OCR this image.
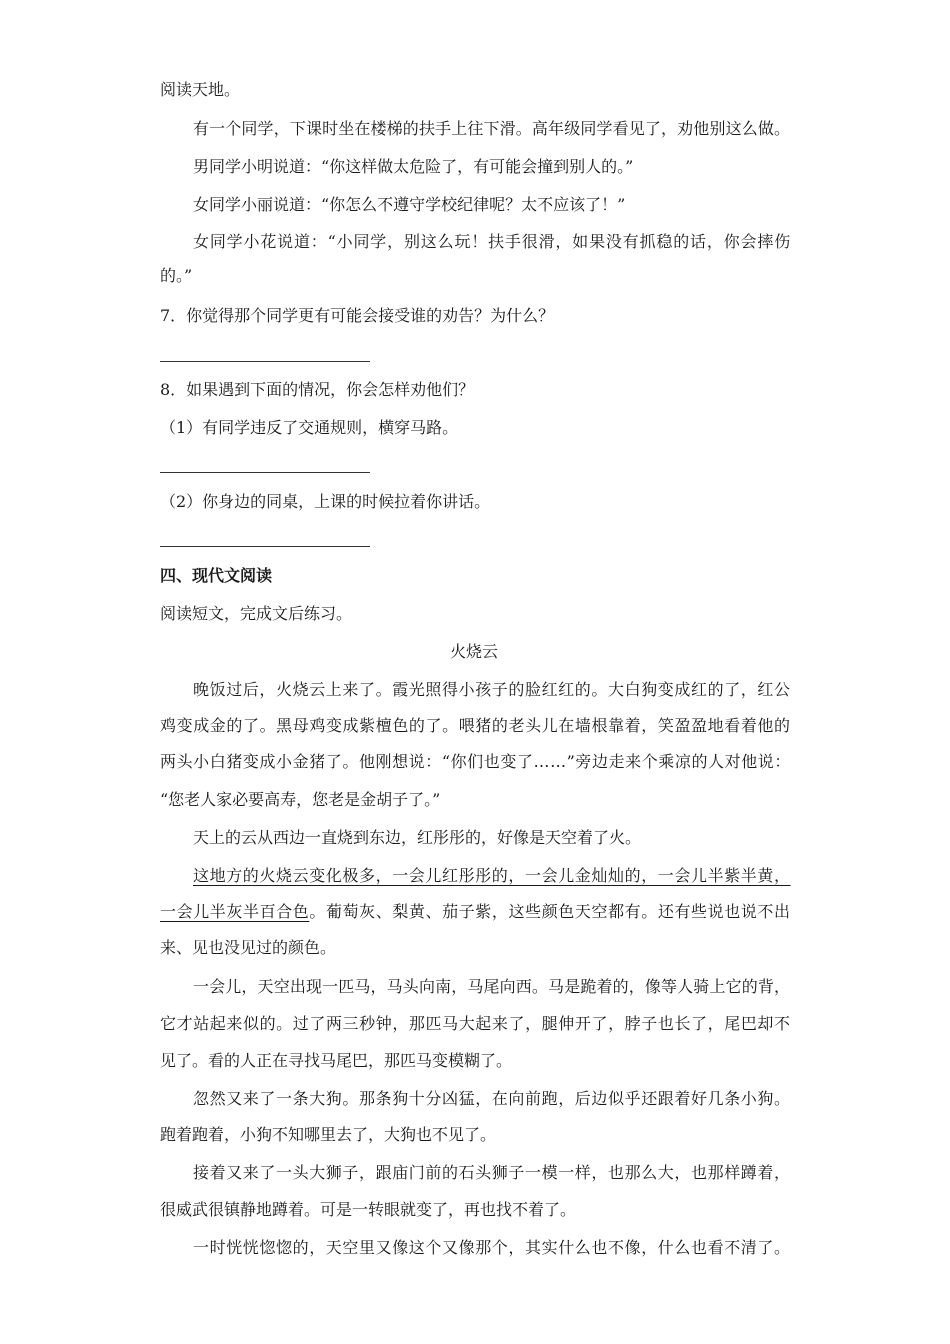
阅读天地。

有一个同学，下课时坐在楼梯的扶手上往下滑。高年级同学看见了，劝他别这么做。

男同学小明说道：“你这样做太危险了，有可能会撞到别人的。”

女同学小丽说道：“你怎么不遵守学校纪律呢？太不应该了！”

女同学小花说道：“小同学，别这么玩！扶手很滑，如果没有抓稳的话，你会摔伤

的。”

7．你觉得那个同学更有可能会接受谁的劝告？为什么？

8．如果遇到下面的情况，你会怎样劝他们？

（1）有同学违反了交通规则，横穿马路。

（2）你身边的同桌，上课的时候拉着你讲话。

四、现代文阅读

阅读短文，完成文后练习。

火烧云

晚饭过后，火烧云上来了。霞光照得小孩子的脸红红的。大白狗变成红的了，红公

鸡变成金的了。黑母鸡变成紫檀色的了。喂猪的老头儿在墙根靠着，笑盈盈地看着他的

两头小白猪变成小金猪了。他刚想说：“你们也变了……”旁边走来个乘凉的人对他说：

“您老人家必要高寿，您老是金胡子了。”

天上的云从西边一直烧到东边，红彤彤的，好像是天空着了火。

这地方的火烧云变化极多，一会儿红彤彤的，一会儿金灿灿的，一会儿半紫半黄，

一会儿半灰半百合色。葡萄灰、梨黄、茄子紫，这些颜色天空都有。还有些说也说不出

来、见也没见过的颜色。

一会儿，天空出现一匹马，马头向南，马尾向西。马是跪着的，像等人骑上它的背，

它才站起来似的。过了两三秒钟，那匹马大起来了，腿伸开了，脖子也长了，尾巴却不

见了。看的人正在寻找马尾巴，那匹马变模糊了。

忽然又来了一条大狗。那条狗十分凶猛，在向前跑，后边似乎还跟着好几条小狗。

跑着跑着，小狗不知哪里去了，大狗也不见了。

接着又来了一头大狮子，跟庙门前的石头狮子一模一样，也那么大，也那样蹲着，

很威武很镇静地蹲着。可是一转眼就变了，再也找不着了。

一时恍恍惚惚的，天空里又像这个又像那个，其实什么也不像，什么也看不清了。
